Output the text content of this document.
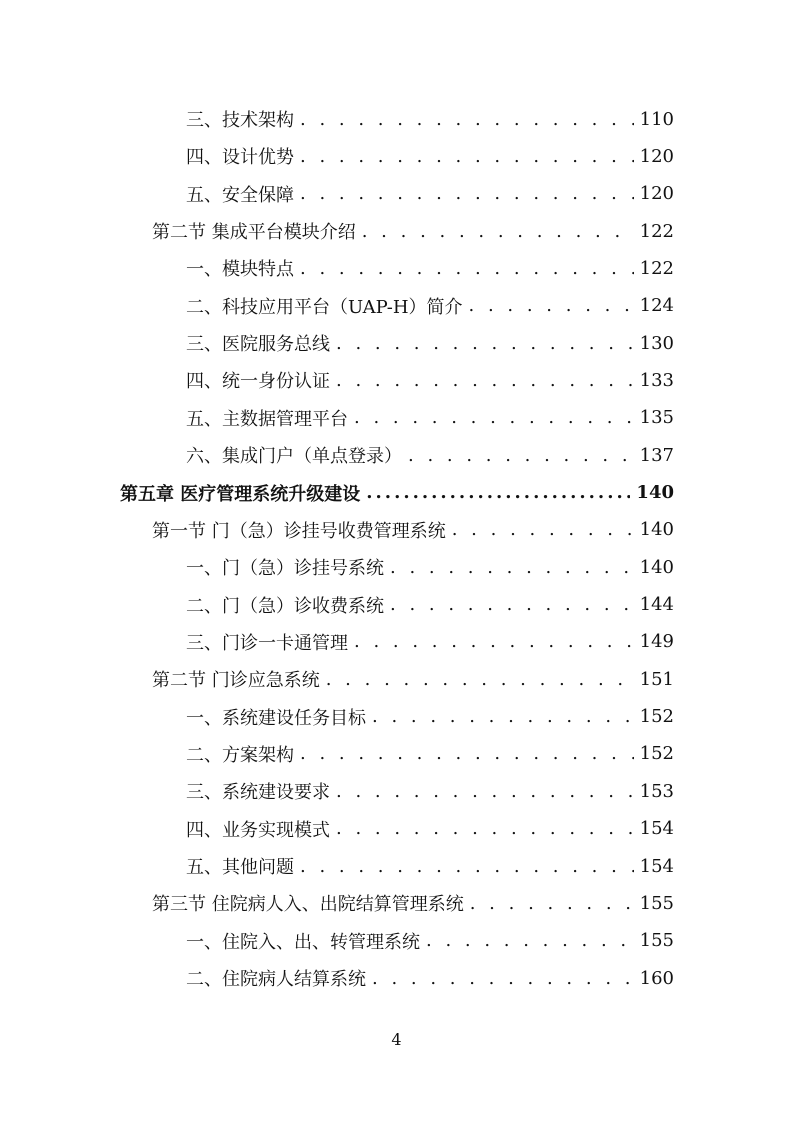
三、技术架构 . . .	110
四、设计优势 . . .	120
五、安全保障 . . .	120
第二节 集成平台模块介绍 . . .	122
一、模块特点 . . .	122
二、科技应用平台（UAP-H）简介 . . .	124
三、医院服务总线 . . .	130
四、统一身份认证 . . .	133
五、主数据管理平台 . . .	135
六、集成门户（单点登录） . . .	137
第五章 医疗管理系统升级建设 .....	140
第一节 门（急）诊挂号收费管理系统 . . .	140
一、门（急）诊挂号系统 . . .	140
二、门（急）诊收费系统 . . .	144
三、门诊一卡通管理 . . .	149
第二节 门诊应急系统 . . .	151
一、系统建设任务目标 . . .	152
二、方案架构 . . .	152
三、系统建设要求 . . .	153
四、业务实现模式 . . .	154
五、其他问题 . . .	154
第三节 住院病人入、出院结算管理系统 . . .	155
一、住院入、出、转管理系统 . . .	155
二、住院病人结算系统 . . .	160
4
